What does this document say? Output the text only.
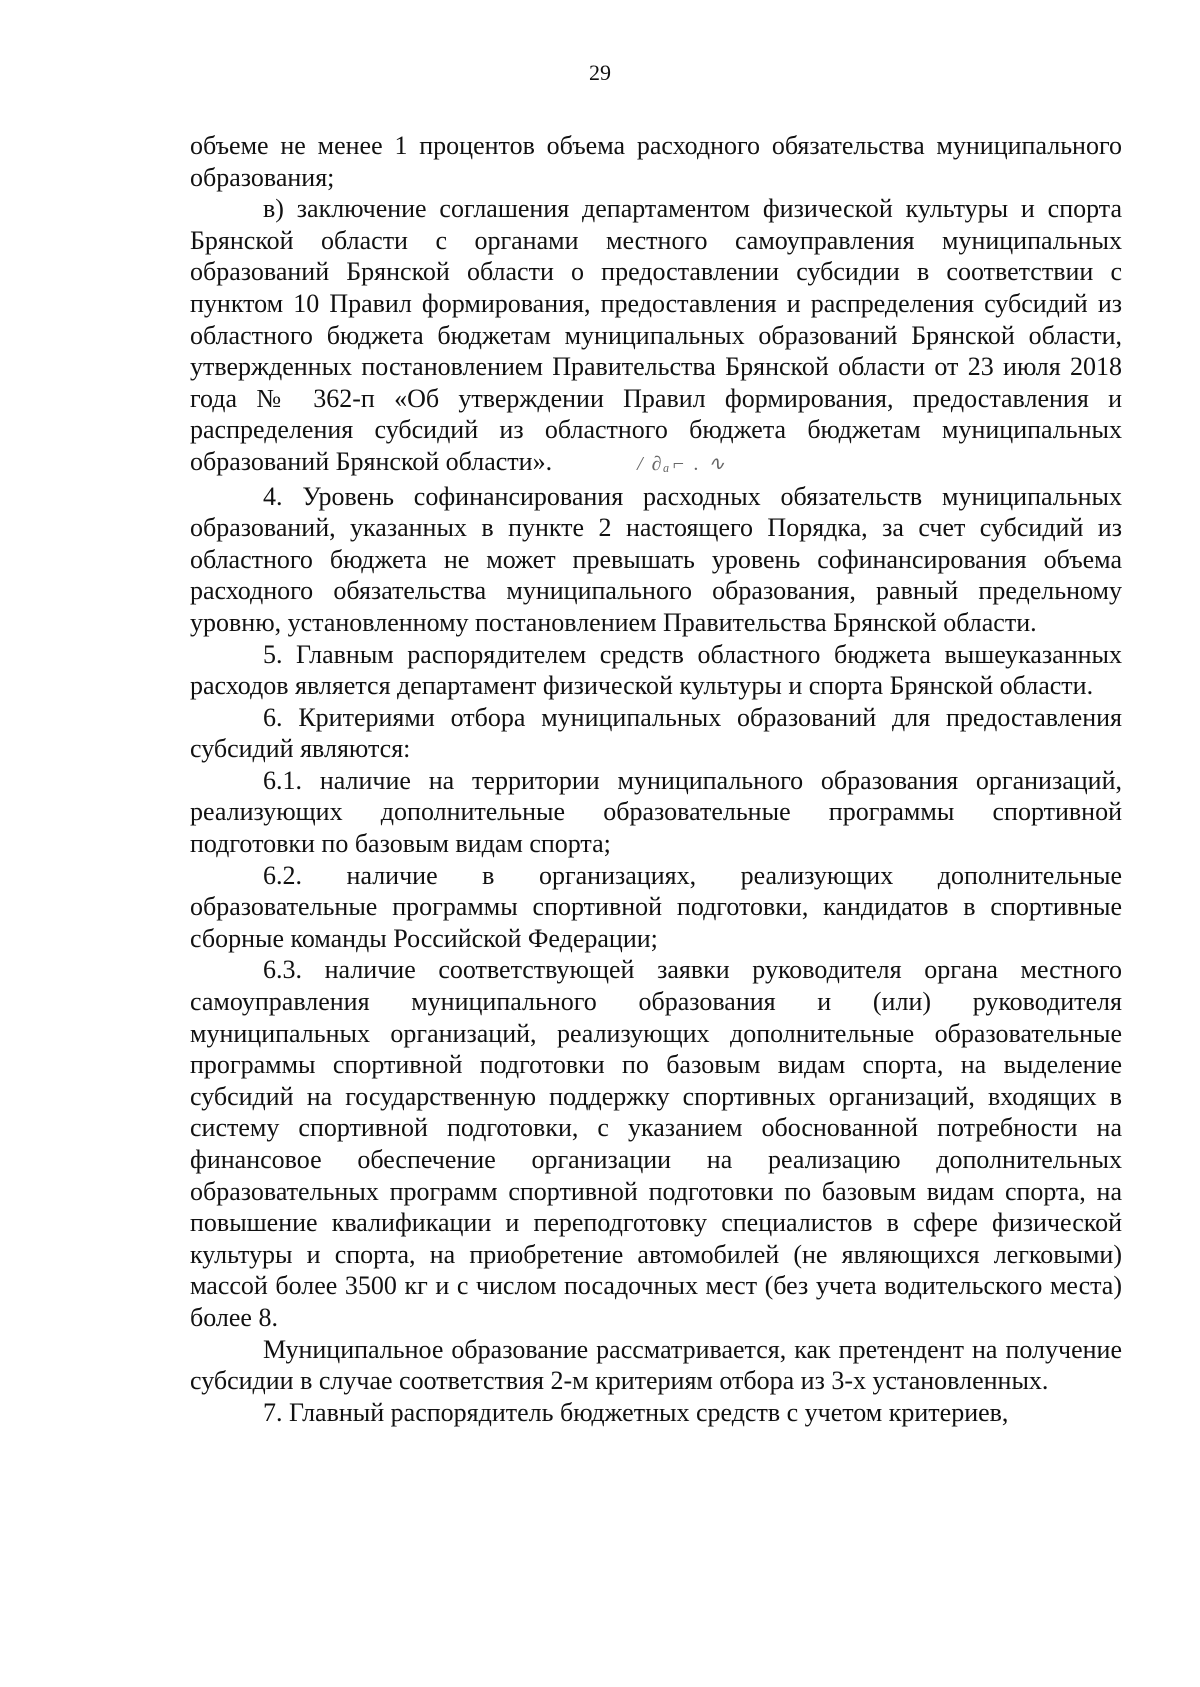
29

объеме не менее 1 процентов объема расходного обязательства муниципального образования;

в) заключение соглашения департаментом физической культуры и спорта Брянской области с органами местного самоуправления муниципальных образований Брянской области о предоставлении субсидии в соответствии с пунктом 10 Правил формирования, предоставления и распределения субсидий из областного бюджета бюджетам муниципальных образований Брянской области, утвержденных постановлением Правительства Брянской области от 23 июля 2018 года № 362-п «Об утверждении Правил формирования, предоставления и распределения субсидий из областного бюджета бюджетам муниципальных образований Брянской области».	/ ∂ₐ⌐ . ∿

4. Уровень софинансирования расходных обязательств муниципальных образований, указанных в пункте 2 настоящего Порядка, за счет субсидий из областного бюджета не может превышать уровень софинансирования объема расходного обязательства муниципального образования, равный предельному уровню, установленному постановлением Правительства Брянской области.

5. Главным распорядителем средств областного бюджета вышеуказанных расходов является департамент физической культуры и спорта Брянской области.

6. Критериями отбора муниципальных образований для предоставления субсидий являются:

6.1. наличие на территории муниципального образования организаций, реализующих дополнительные образовательные программы спортивной подготовки по базовым видам спорта;

6.2. наличие в организациях, реализующих дополнительные образовательные программы спортивной подготовки, кандидатов в спортивные сборные команды Российской Федерации;

6.3. наличие соответствующей заявки руководителя органа местного самоуправления муниципального образования и (или) руководителя муниципальных организаций, реализующих дополнительные образовательные программы спортивной подготовки по базовым видам спорта, на выделение субсидий на государственную поддержку спортивных организаций, входящих в систему спортивной подготовки, с указанием обоснованной потребности на финансовое обеспечение организации на реализацию дополнительных образовательных программ спортивной подготовки по базовым видам спорта, на повышение квалификации и переподготовку специалистов в сфере физической культуры и спорта, на приобретение автомобилей (не являющихся легковыми) массой более 3500 кг и с числом посадочных мест (без учета водительского места) более 8.

Муниципальное образование рассматривается, как претендент на получение субсидии в случае соответствия 2-м критериям отбора из 3-х установленных.

7. Главный распорядитель бюджетных средств с учетом критериев,
